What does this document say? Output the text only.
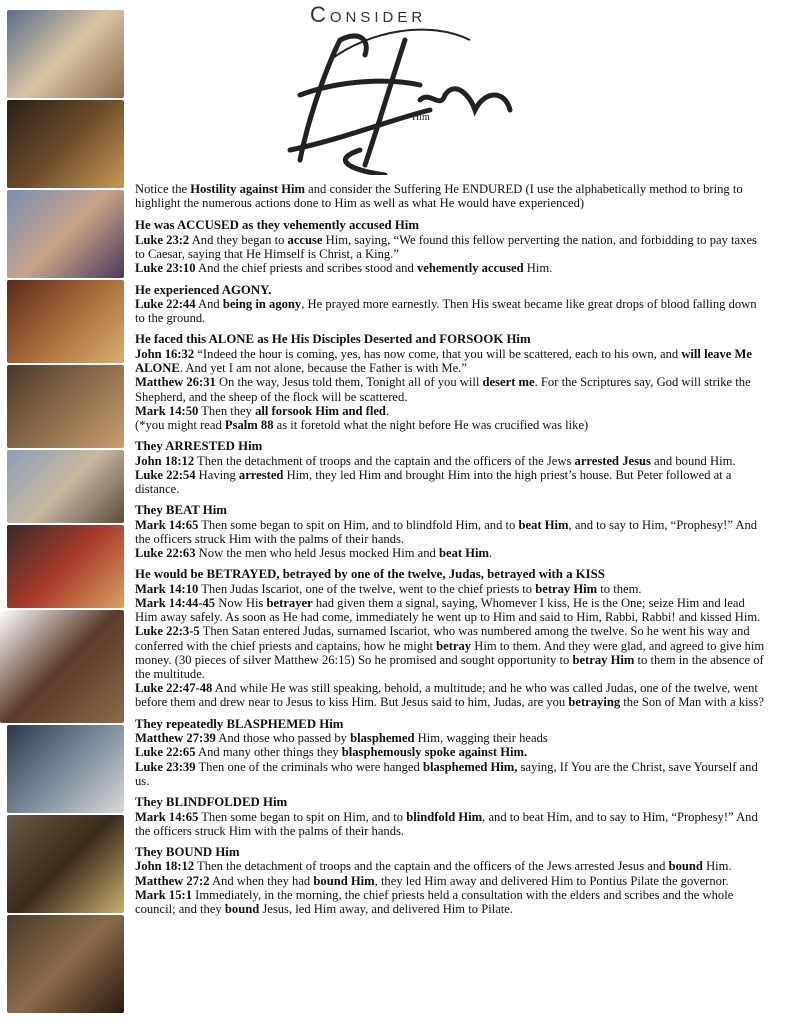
Consider
Him

Notice the Hostility against Him and consider the Suffering He ENDURED (I use the alphabetically method to bring to highlight the numerous actions done to Him as well as what He would have experienced)

He was ACCUSED as they vehemently accused Him

Luke 23:2 And they began to accuse Him, saying, “We found this fellow perverting the nation, and forbidding to pay taxes to Caesar, saying that He Himself is Christ, a King.”

Luke 23:10 And the chief priests and scribes stood and vehemently accused Him.

He experienced AGONY.

Luke 22:44 And being in agony, He prayed more earnestly. Then His sweat became like great drops of blood falling down to the ground.

He faced this ALONE as He His Disciples Deserted and FORSOOK Him

John 16:32 “Indeed the hour is coming, yes, has now come, that you will be scattered, each to his own, and will leave Me ALONE. And yet I am not alone, because the Father is with Me.”

Matthew 26:31 On the way, Jesus told them, Tonight all of you will desert me. For the Scriptures say, God will strike the Shepherd, and the sheep of the flock will be scattered.

Mark 14:50 Then they all forsook Him and fled.

(*you might read Psalm 88 as it foretold what the night before He was crucified was like)

They ARRESTED Him

John 18:12 Then the detachment of troops and the captain and the officers of the Jews arrested Jesus and bound Him.

Luke 22:54 Having arrested Him, they led Him and brought Him into the high priest’s house. But Peter followed at a distance.

They BEAT Him

Mark 14:65 Then some began to spit on Him, and to blindfold Him, and to beat Him, and to say to Him, “Prophesy!” And the officers struck Him with the palms of their hands.

Luke 22:63 Now the men who held Jesus mocked Him and beat Him.

He would be BETRAYED, betrayed by one of the twelve, Judas, betrayed with a KISS

Mark 14:10 Then Judas Iscariot, one of the twelve, went to the chief priests to betray Him to them.

Mark 14:44-45 Now His betrayer had given them a signal, saying, Whomever I kiss, He is the One; seize Him and lead Him away safely. As soon as He had come, immediately he went up to Him and said to Him, Rabbi, Rabbi! and kissed Him.

Luke 22:3-5 Then Satan entered Judas, surnamed Iscariot, who was numbered among the twelve. So he went his way and conferred with the chief priests and captains, how he might betray Him to them. And they were glad, and agreed to give him money. (30 pieces of silver Matthew 26:15) So he promised and sought opportunity to betray Him to them in the absence of the multitude.

Luke 22:47-48 And while He was still speaking, behold, a multitude; and he who was called Judas, one of the twelve, went before them and drew near to Jesus to kiss Him. But Jesus said to him, Judas, are you betraying the Son of Man with a kiss?

They repeatedly BLASPHEMED Him

Matthew 27:39 And those who passed by blasphemed Him, wagging their heads

Luke 22:65 And many other things they blasphemously spoke against Him.

Luke 23:39 Then one of the criminals who were hanged blasphemed Him, saying, If You are the Christ, save Yourself and us.

They BLINDFOLDED Him

Mark 14:65 Then some began to spit on Him, and to blindfold Him, and to beat Him, and to say to Him, “Prophesy!” And the officers struck Him with the palms of their hands.

They BOUND Him

John 18:12 Then the detachment of troops and the captain and the officers of the Jews arrested Jesus and bound Him.

Matthew 27:2 And when they had bound Him, they led Him away and delivered Him to Pontius Pilate the governor.

Mark 15:1 Immediately, in the morning, the chief priests held a consultation with the elders and scribes and the whole council; and they bound Jesus, led Him away, and delivered Him to Pilate.
